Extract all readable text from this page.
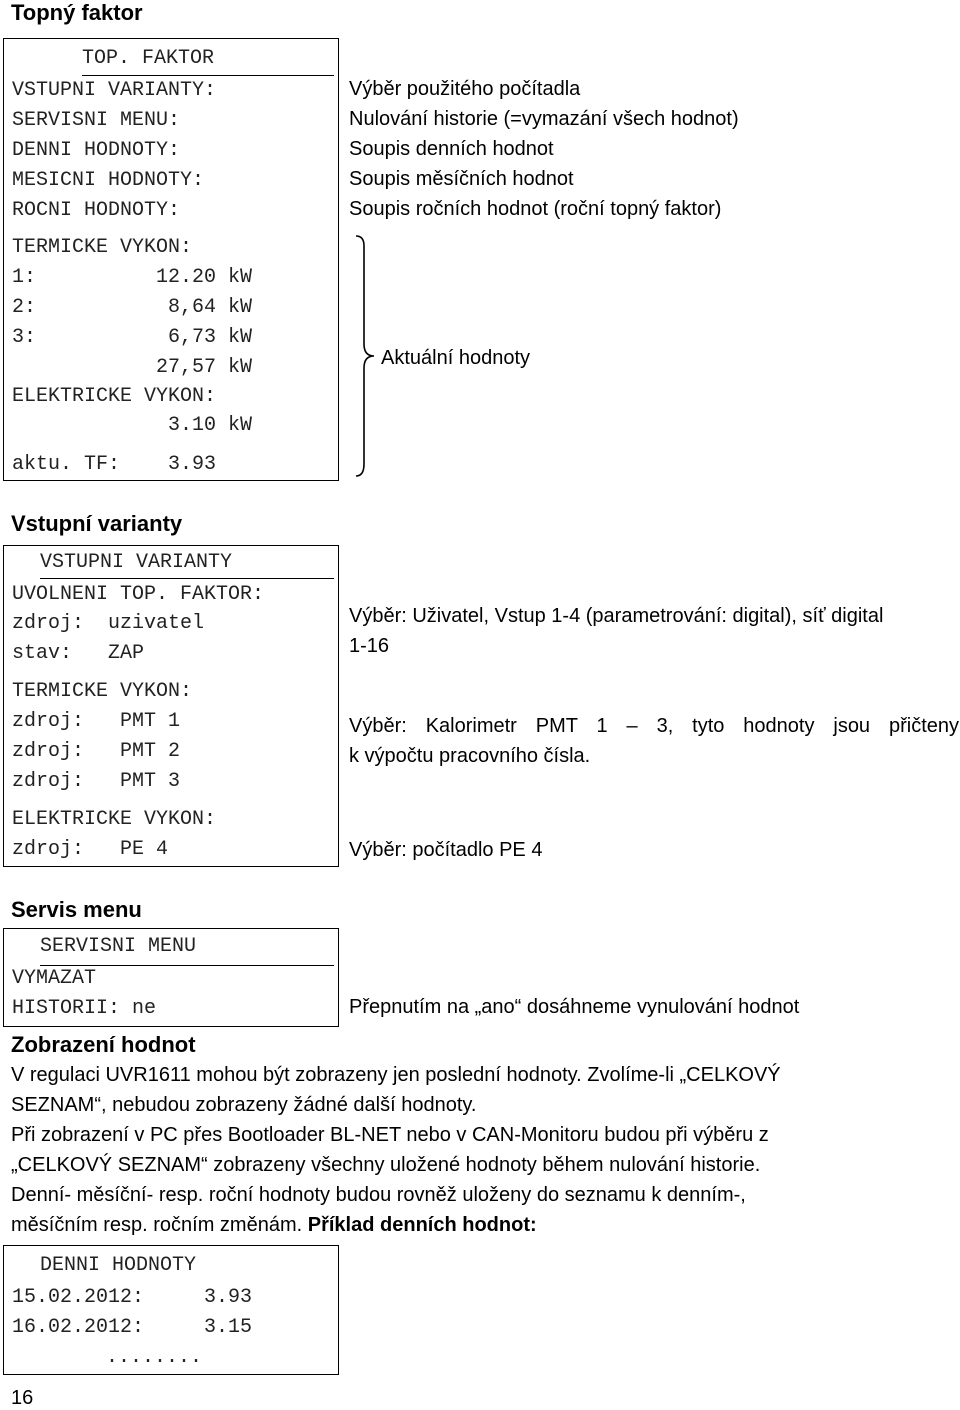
Topný faktor
TOP. FAKTOR
VSTUPNI VARIANTY:
SERVISNI MENU:
DENNI HODNOTY:
MESICNI HODNOTY:
ROCNI HODNOTY:
TERMICKE VYKON:
1:          12.20 kW
2:           8,64 kW
3:           6,73 kW
27,57 kW
ELEKTRICKE VYKON:
3.10 kW
aktu. TF:    3.93
Výběr použitého počítadla
Nulování historie (=vymazání všech hodnot)
Soupis denních hodnot
Soupis měsíčních hodnot
Soupis ročních hodnot (roční topný faktor)
Aktuální hodnoty
Vstupní varianty
VSTUPNI VARIANTY
UVOLNENI TOP. FAKTOR:
zdroj:  uzivatel
stav:   ZAP
TERMICKE VYKON:
zdroj:   PMT 1
zdroj:   PMT 2
zdroj:   PMT 3
ELEKTRICKE VYKON:
zdroj:   PE 4
Výběr: Uživatel, Vstup 1-4 (parametrování: digital), síť digital
1-16
Výběr: Kalorimetr PMT 1 – 3, tyto hodnoty jsou přičteny
k výpočtu pracovního čísla.
Výběr: počítadlo PE 4
Servis menu
SERVISNI MENU
VYMAZAT
HISTORII: ne	Přepnutím na „ano“ dosáhneme vynulování hodnot
Zobrazení hodnot
V regulaci UVR1611 mohou být zobrazeny jen poslední hodnoty. Zvolíme-li „CELKOVÝ
SEZNAM“, nebudou zobrazeny žádné další hodnoty.
Při zobrazení v PC přes Bootloader BL-NET nebo v CAN-Monitoru budou při výběru z
„CELKOVÝ SEZNAM“ zobrazeny všechny uložené hodnoty během nulování historie.
Denní- měsíční- resp. roční hodnoty budou rovněž uloženy do seznamu k denním-,
měsíčním resp. ročním změnám. Příklad denních hodnot:
DENNI HODNOTY
15.02.2012:     3.93
16.02.2012:     3.15
........
16
